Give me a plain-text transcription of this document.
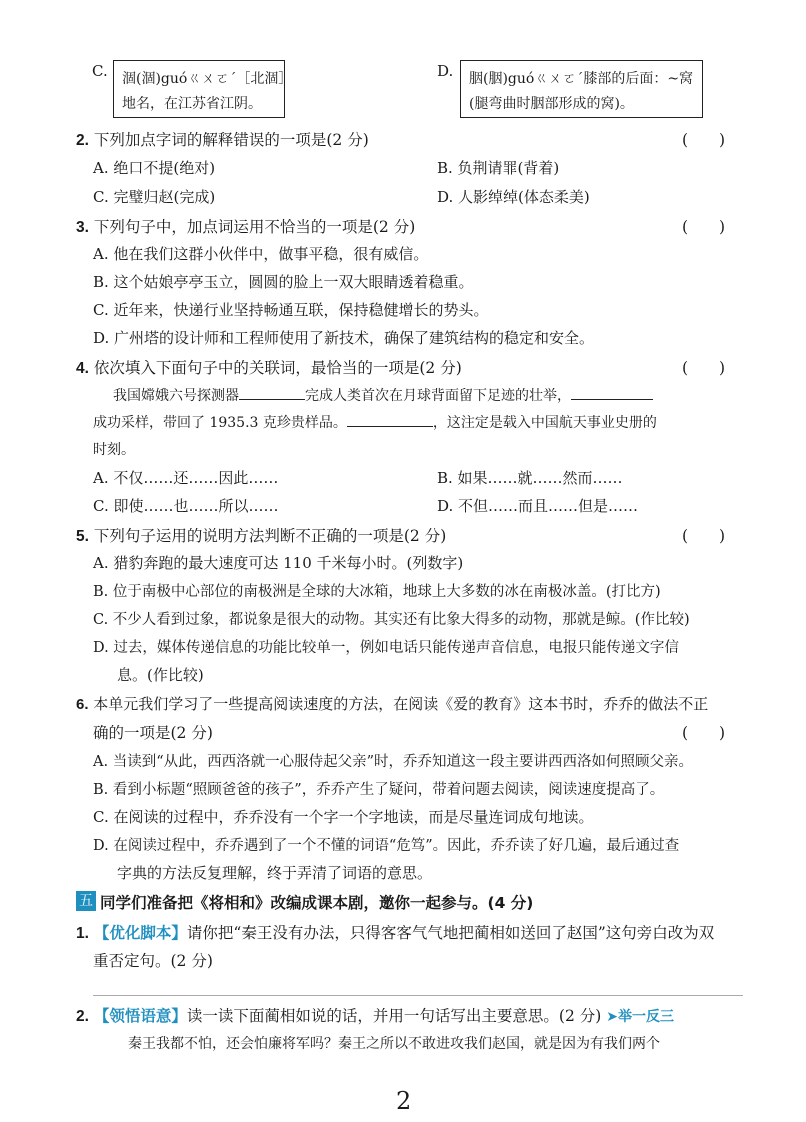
C. 涸(涸)guóㄍㄨㄛˊ［北涸］
地名，在江苏省江阴。
D. 胭(胭)guóㄍㄨㄛˊ膝部的后面：~窝
(腿弯曲时胭部形成的窝)。
2. 下列加点字词的解释错误的一项是(2 分)	(　　)
A. 绝口不提(绝对)	B. 负荆请罪(背着)
C. 完璧归赵(完成)	D. 人影绰绰(体态柔美)
3. 下列句子中，加点词运用不恰当的一项是(2 分)	(　　)
A. 他在我们这群小伙伴中，做事平稳，很有威信。
B. 这个姑娘亭亭玉立，圆圆的脸上一双大眼睛透着稳重。
C. 近年来，快递行业坚持畅通互联，保持稳健增长的势头。
D. 广州塔的设计师和工程师使用了新技术，确保了建筑结构的稳定和安全。
4. 依次填入下面句子中的关联词，最恰当的一项是(2 分)	(　　)
我国嫦娥六号探测器	完成人类首次在月球背面留下足迹的壮举，
成功采样，带回了 1935.3 克珍贵样品。	，这注定是载入中国航天事业史册的
时刻。
A. 不仅……还……因此……	B. 如果……就……然而……
C. 即使……也……所以……	D. 不但……而且……但是……
5. 下列句子运用的说明方法判断不正确的一项是(2 分)	(　　)
A. 猎豹奔跑的最大速度可达 110 千米每小时。(列数字)
B. 位于南极中心部位的南极洲是全球的大冰箱，地球上大多数的冰在南极冰盖。(打比方)
C. 不少人看到过象，都说象是很大的动物。其实还有比象大得多的动物，那就是鲸。(作比较)
D. 过去，媒体传递信息的功能比较单一，例如电话只能传递声音信息，电报只能传递文字信
息。(作比较)
6. 本单元我们学习了一些提高阅读速度的方法，在阅读《爱的教育》这本书时，乔乔的做法不正
确的一项是(2 分)	(　　)
A. 当读到“从此，西西洛就一心服侍起父亲”时，乔乔知道这一段主要讲西西洛如何照顾父亲。
B. 看到小标题“照顾爸爸的孩子”，乔乔产生了疑问，带着问题去阅读，阅读速度提高了。
C. 在阅读的过程中，乔乔没有一个字一个字地读，而是尽量连词成句地读。
D. 在阅读过程中，乔乔遇到了一个不懂的词语“危笃”。因此，乔乔读了好几遍，最后通过查
字典的方法反复理解，终于弄清了词语的意思。
五 同学们准备把《将相和》改编成课本剧，邀你一起参与。(4 分)
1. 【优化脚本】请你把“秦王没有办法，只得客客气气地把蔺相如送回了赵国”这句旁白改为双
重否定句。(2 分)
2. 【领悟语意】读一读下面蔺相如说的话，并用一句话写出主要意思。(2 分) ➤举一反三
秦王我都不怕，还会怕廉将军吗？秦王之所以不敢进攻我们赵国，就是因为有我们两个
2
